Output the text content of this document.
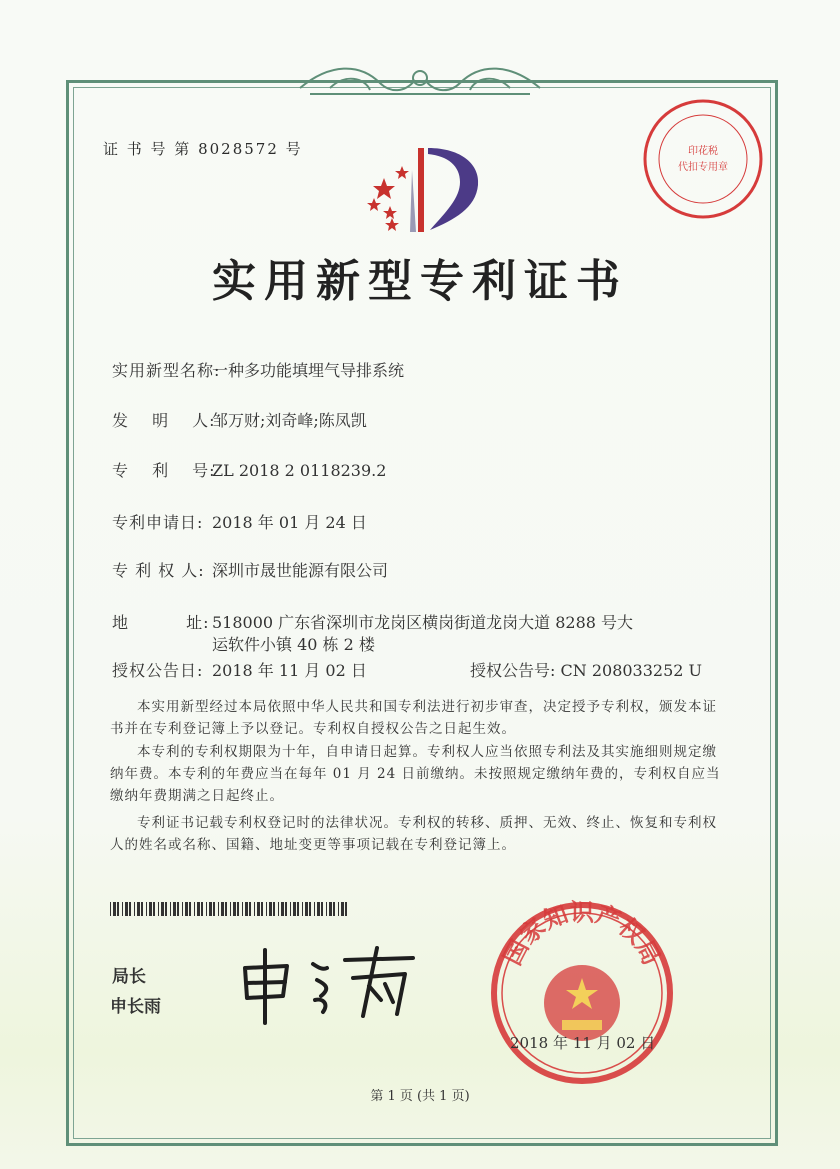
证 书 号 第 8028572 号	印花税
代扣专用章
实用新型专利证书
实用新型名称:一种多功能填埋气导排系统
发　 明　 人:邹万财;刘奇峰;陈凤凯
专　 利　 号:ZL 2018 2 0118239.2
专利申请日: 2018 年 01 月 24 日
专 利 权 人: 深圳市晟世能源有限公司
地　　　 址: 518000 广东省深圳市龙岗区横岗街道龙岗大道 8288 号大
运软件小镇 40 栋 2 楼
授权公告日: 2018 年 11 月 02 日	授权公告号: CN 208033252 U
本实用新型经过本局依照中华人民共和国专利法进行初步审查，决定授予专利权，颁发本证书并在专利登记簿上予以登记。专利权自授权公告之日起生效。
本专利的专利权期限为十年，自申请日起算。专利权人应当依照专利法及其实施细则规定缴纳年费。本专利的年费应当在每年 01 月 24 日前缴纳。未按照规定缴纳年费的，专利权自应当缴纳年费期满之日起终止。
专利证书记载专利权登记时的法律状况。专利权的转移、质押、无效、终止、恢复和专利权人的姓名或名称、国籍、地址变更等事项记载在专利登记簿上。
局长
申长雨
国家知识产权局
2018 年 11 月 02 日
第 1 页 (共 1 页)
